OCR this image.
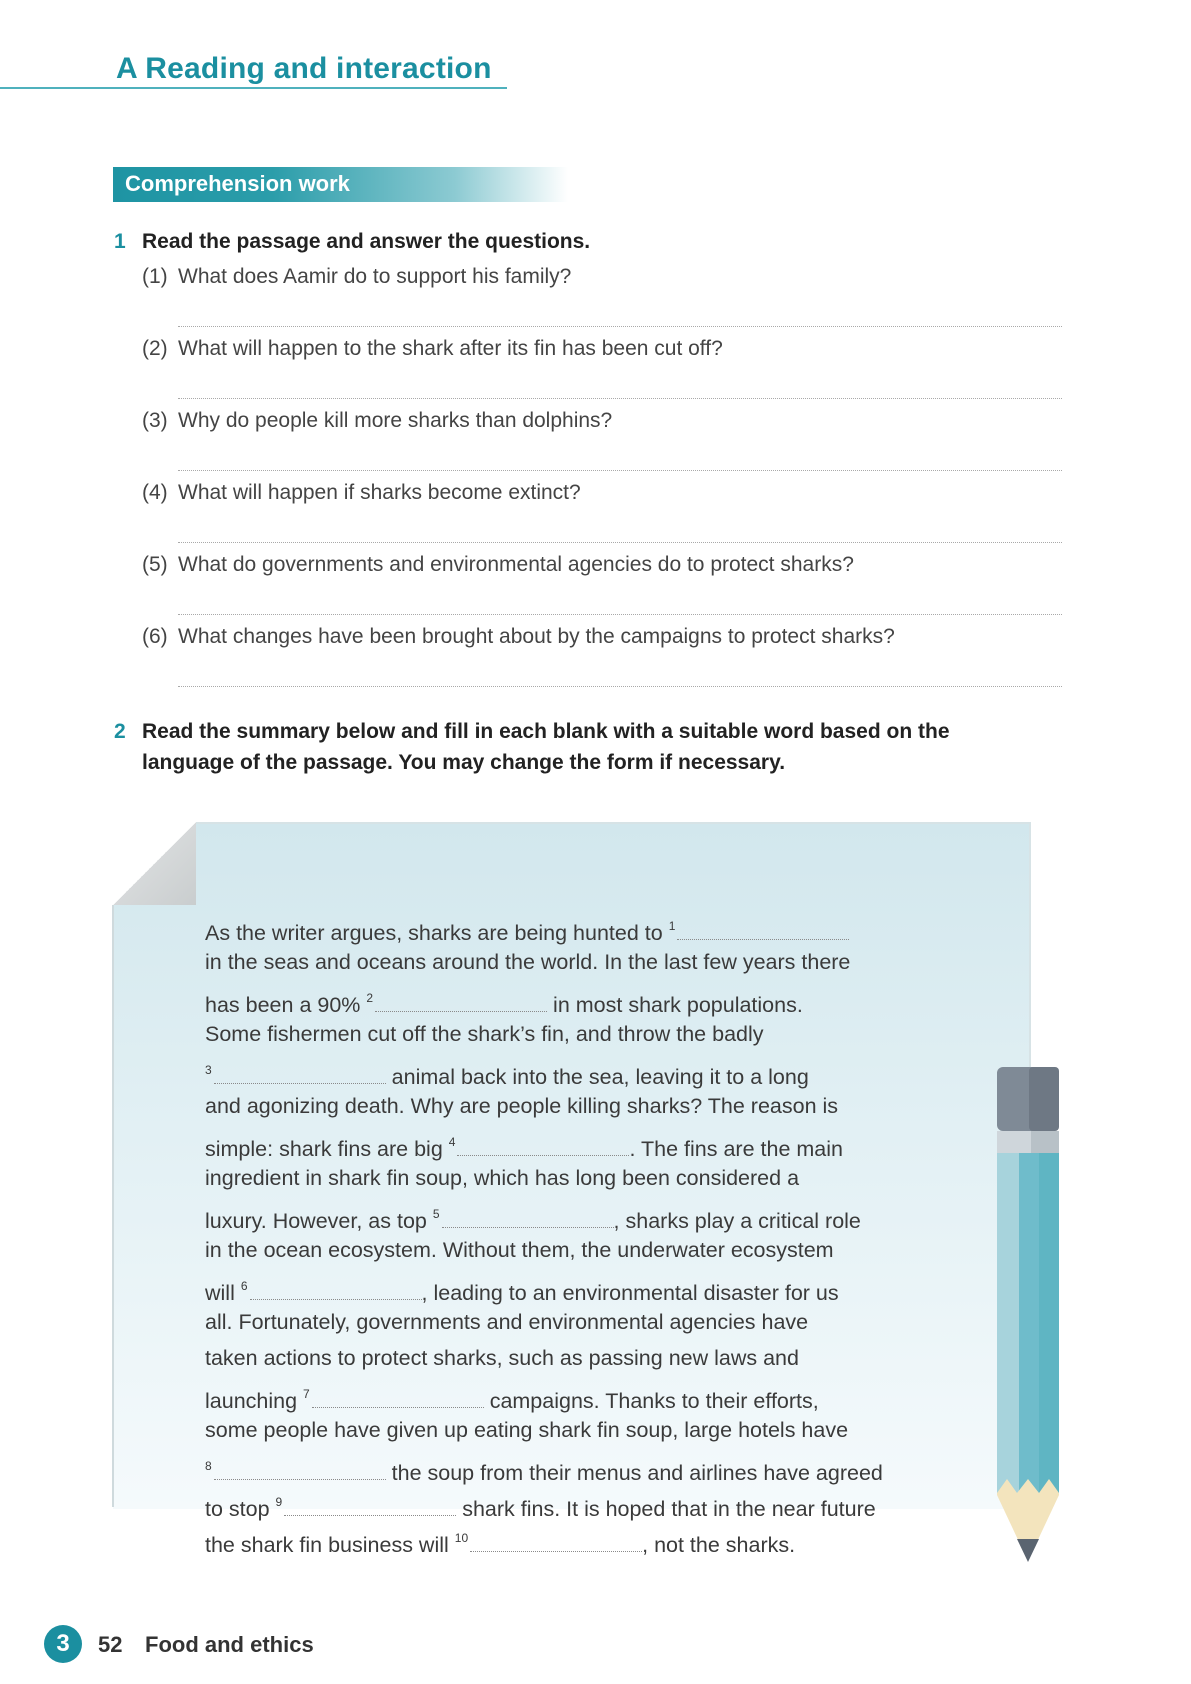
A Reading and interaction
Comprehension work
1 Read the passage and answer the questions.

(1) What does Aamir do to support his family?
(2) What will happen to the shark after its fin has been cut off?
(3) Why do people kill more sharks than dolphins?
(4) What will happen if sharks become extinct?
(5) What do governments and environmental agencies do to protect sharks?
(6) What changes have been brought about by the campaigns to protect sharks?
2 Read the summary below and fill in each blank with a suitable word based on the

language of the passage. You may change the form if necessary.

As the writer argues, sharks are being hunted to $^1$
in the seas and oceans around the world. In the last few years there
has been a 90% $^2$	in most shark populations.
Some fishermen cut off the shark’s fin, and throw the badly
$^3$	animal back into the sea, leaving it to a long
and agonizing death. Why are people killing sharks? The reason is
simple: shark fins are big $^4$	. The fins are the main
ingredient in shark fin soup, which has long been considered a
luxury. However, as top $^5$	, sharks play a critical role
in the ocean ecosystem. Without them, the underwater ecosystem
will $^6$	, leading to an environmental disaster for us
all. Fortunately, governments and environmental agencies have
taken actions to protect sharks, such as passing new laws and
launching $^7$	campaigns. Thanks to their efforts,
some people have given up eating shark fin soup, large hotels have
$^8$	the soup from their menus and airlines have agreed
to stop $^9$	shark fins. It is hoped that in the near future
the shark fin business will $^{10}$	, not the sharks.
3	52 Food and ethics
